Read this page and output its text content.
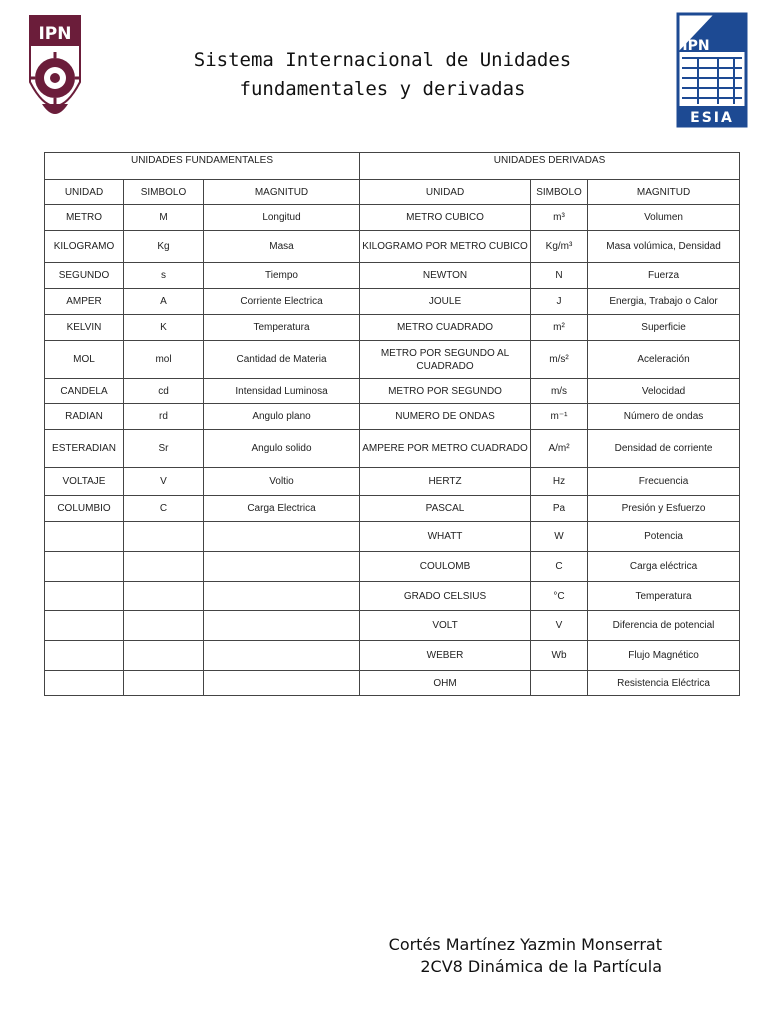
IPN
IPN
ESIA
Sistema Internacional de Unidades
fundamentales y derivadas
UNIDADES FUNDAMENTALES			UNIDADES DERIVADAS		
UNIDAD	SIMBOLO	MAGNITUD	UNIDAD	SIMBOLO	MAGNITUD
METRO	M	Longitud	METRO CUBICO	m³	Volumen
KILOGRAMO	Kg	Masa	KILOGRAMO POR METRO CUBICO	Kg/m³	Masa volúmica, Densidad
SEGUNDO	s	Tiempo	NEWTON	N	Fuerza
AMPER	A	Corriente Electrica	JOULE	J	Energia, Trabajo o Calor
KELVIN	K	Temperatura	METRO CUADRADO	m²	Superficie
MOL	mol	Cantidad de Materia	METRO POR SEGUNDO AL CUADRADO	m/s²	Aceleración
CANDELA	cd	Intensidad Luminosa	METRO POR SEGUNDO	m/s	Velocidad
RADIAN	rd	Angulo plano	NUMERO DE ONDAS	m⁻¹	Número de ondas
ESTERADIAN	Sr	Angulo solido	AMPERE POR METRO CUADRADO	A/m²	Densidad de corriente
VOLTAJE	V	Voltio	HERTZ	Hz	Frecuencia
COLUMBIO	C	Carga Electrica	PASCAL	Pa	Presión y Esfuerzo
			WHATT	W	Potencia
			COULOMB	C	Carga eléctrica
			GRADO CELSIUS	°C	Temperatura
			VOLT	V	Diferencia de potencial
			WEBER	Wb	Flujo Magnético
			OHM		Resistencia Eléctrica
Cortés Martínez Yazmin Monserrat
2CV8 Dinámica de la Partícula
